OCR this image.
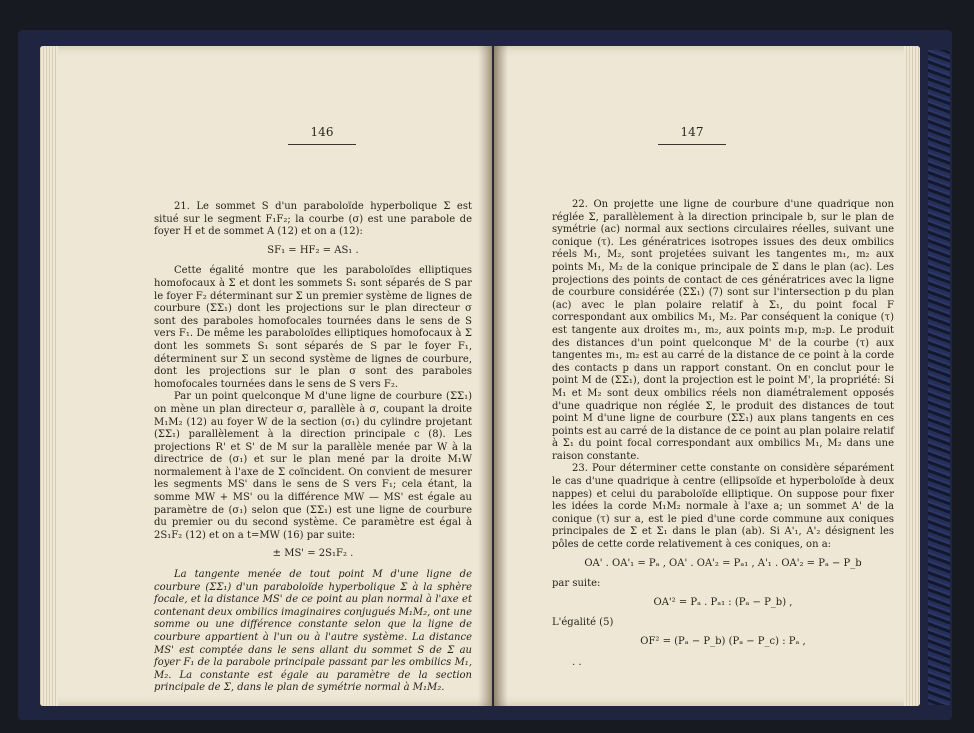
146

21. Le sommet S d'un paraboloïde hyperbolique Σ est situé sur le segment F₁F₂; la courbe (σ) est une parabole de foyer H et de sommet A (12) et on a (12):

SF₁ = HF₂ = AS₁ .

Cette égalité montre que les paraboloïdes elliptiques homofocaux à Σ et dont les sommets S₁ sont séparés de S par le foyer F₂ déterminant sur Σ un premier système de lignes de courbure (ΣΣ₁) dont les projections sur le plan directeur σ sont des paraboles homofocales tournées dans le sens de S vers F₁. De même les paraboloïdes elliptiques homofocaux à Σ dont les sommets S₁ sont séparés de S par le foyer F₁, déterminent sur Σ un second système de lignes de courbure, dont les projections sur le plan σ sont des paraboles homofocales tournées dans le sens de S vers F₂.

Par un point quelconque M d'une ligne de courbure (ΣΣ₁) on mène un plan directeur σ, parallèle à σ, coupant la droite M₁M₂ (12) au foyer W de la section (σ₁) du cylindre projetant (ΣΣ₁) parallèlement à la direction principale c (8). Les projections R' et S' de M sur la parallèle menée par W à la directrice de (σ₁) et sur le plan mené par la droite M₁W normalement à l'axe de Σ coïncident. On convient de mesurer les segments MS' dans le sens de S vers F₁; cela étant, la somme MW + MS' ou la différence MW — MS' est égale au paramètre de (σ₁) selon que (ΣΣ₁) est une ligne de courbure du premier ou du second système. Ce paramètre est égal à 2S₁F₂ (12) et on a t=MW (16) par suite:

± MS' = 2S₁F₂ .

La tangente menée de tout point M d'une ligne de courbure (ΣΣ₁) d'un paraboloïde hyperbolique Σ à la sphère focale, et la distance MS' de ce point au plan normal à l'axe et contenant deux ombilics imaginaires conjugués M₁M₂, ont une somme ou une différence constante selon que la ligne de courbure appartient à l'un ou à l'autre système. La distance MS' est comptée dans le sens allant du sommet S de Σ au foyer F₁ de la parabole principale passant par les ombilics M₁, M₂. La constante est égale au paramètre de la section principale de Σ, dans le plan de symétrie normal à M₁M₂.

147

22. On projette une ligne de courbure d'une quadrique non réglée Σ, parallèlement à la direction principale b, sur le plan de symétrie (ac) normal aux sections circulaires réelles, suivant une conique (τ). Les génératrices isotropes issues des deux ombilics réels M₁, M₂, sont projetées suivant les tangentes m₁, m₂ aux points M₁, M₂ de la conique principale de Σ dans le plan (ac). Les projections des points de contact de ces génératrices avec la ligne de courbure considérée (ΣΣ₁) (7) sont sur l'intersection p du plan (ac) avec le plan polaire relatif à Σ₁, du point focal F correspondant aux ombilics M₁, M₂. Par conséquent la conique (τ) est tangente aux droites m₁, m₂, aux points m₁p, m₂p. Le produit des distances d'un point quelconque M' de la courbe (τ) aux tangentes m₁, m₂ est au carré de la distance de ce point à la corde des contacts p dans un rapport constant. On en conclut pour le point M de (ΣΣ₁), dont la projection est le point M', la propriété: Si M₁ et M₂ sont deux ombilics réels non diamétralement opposés d'une quadrique non réglée Σ, le produit des distances de tout point M d'une ligne de courbure (ΣΣ₁) aux plans tangents en ces points est au carré de la distance de ce point au plan polaire relatif à Σ₁ du point focal correspondant aux ombilics M₁, M₂ dans une raison constante.

23. Pour déterminer cette constante on considère séparément le cas d'une quadrique à centre (ellipsoïde et hyperboloïde à deux nappes) et celui du paraboloïde elliptique. On suppose pour fixer les idées la corde M₁M₂ normale à l'axe a; un sommet A' de la conique (τ) sur a, est le pied d'une corde commune aux coniques principales de Σ et Σ₁ dans le plan (ab). Si A'₁, A'₂ désignent les pôles de cette corde relativement à ces coniques, on a:

OA' . OA'₁ = Pₐ , OA' . OA'₂ = Pₐ₁ , A'₁ . OA'₂ = Pₐ − P_b

par suite:

OA'² = Pₐ . Pₐ₁ : (Pₐ − P_b) ,

L'égalité (5)

OF² = (Pₐ − P_b) (Pₐ − P_c) : Pₐ ,

. .
